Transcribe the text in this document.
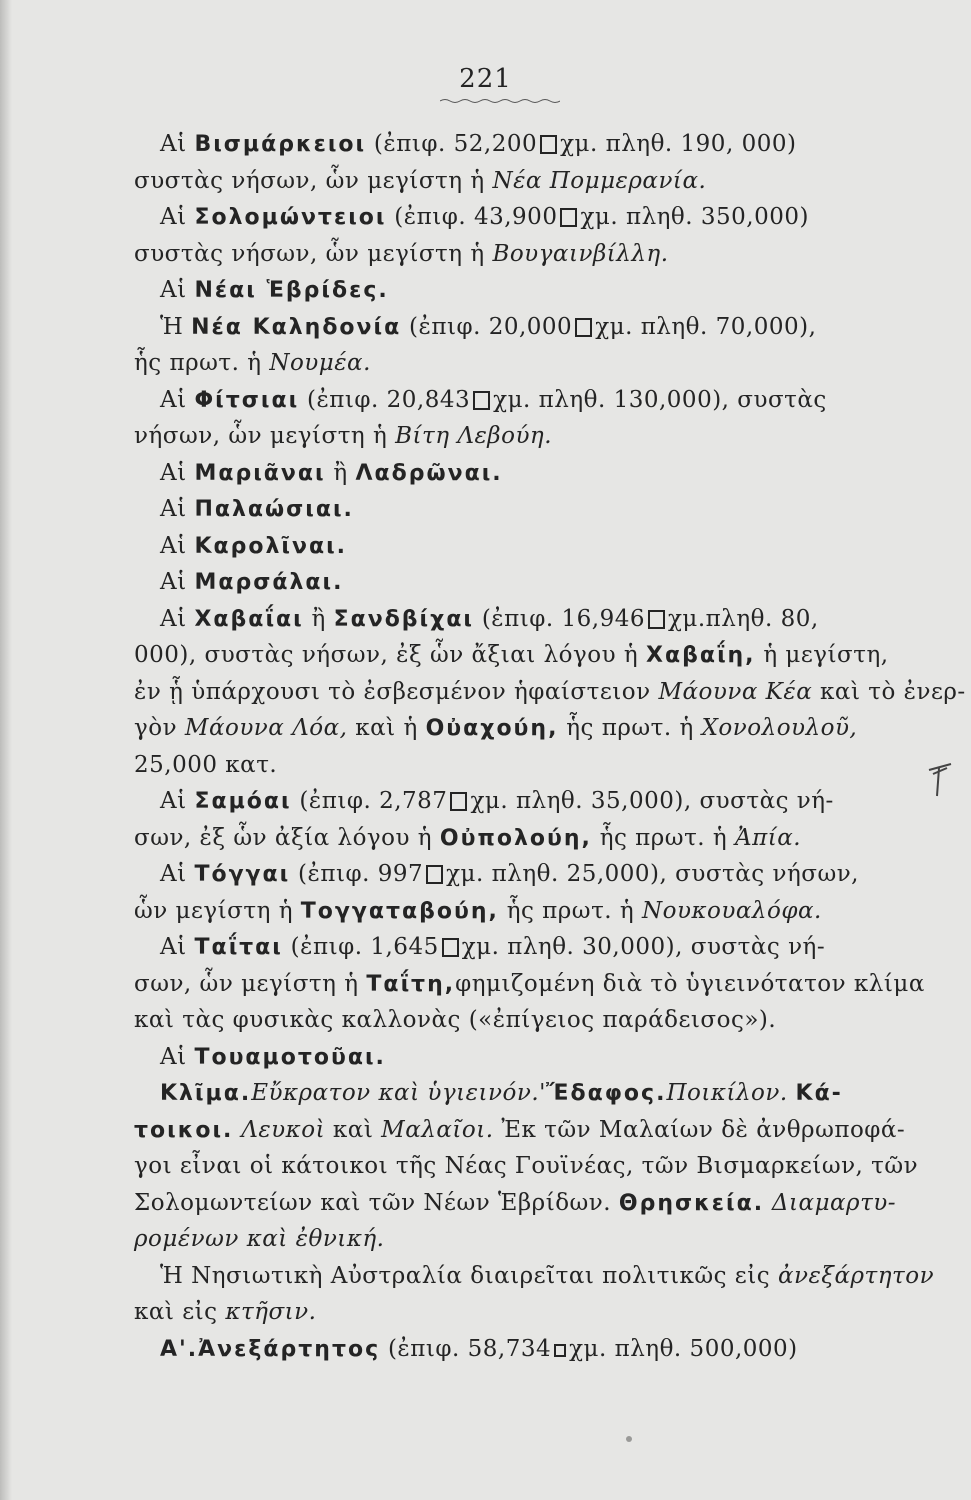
221
Αἱ Βισμάρκειοι (ἐπιφ. 52,200 χμ. πληθ. 190, 000)
συστὰς νήσων, ὧν μεγίστη ἡ Νέα Πομμερανία.
Αἱ Σολομώντειοι (ἐπιφ. 43,900 χμ. πληθ. 350,000)
συστὰς νήσων, ὧν μεγίστη ἡ Βουγαινβίλλη.
Αἱ Νέαι Ἑβρίδες.
Ἡ Νέα Καληδονία (ἐπιφ. 20,000 χμ. πληθ. 70,000),
ἧς πρωτ. ἡ Νουμέα.
Αἱ Φίτσιαι (ἐπιφ. 20,843 χμ. πληθ. 130,000), συστὰς
νήσων, ὧν μεγίστη ἡ Βίτη Λεβούη.
Αἱ Μαριᾶναι ἢ Λαδρῶναι.
Αἱ Παλαώσιαι.
Αἱ Καρολῖναι.
Αἱ Μαρσάλαι.
Αἱ Χαβαΐαι ἢ Σανδβίχαι (ἐπιφ. 16,946 χμ.πληθ. 80,
000), συστὰς νήσων, ἐξ ὧν ἄξιαι λόγου ἡ Χαβαΐη, ἡ μεγίστη,
ἐν ᾗ ὑπάρχουσι τὸ ἐσβεσμένον ἡφαίστειον Μάουνα Κέα καὶ τὸ ἐνερ-
γὸν Μάουνα Λόα, καὶ ἡ Οὐαχούη, ἧς πρωτ. ἡ Χονολουλοῦ,
25,000 κατ.
Αἱ Σαμόαι (ἐπιφ. 2,787 χμ. πληθ. 35,000), συστὰς νή-
σων, ἐξ ὧν ἀξία λόγου ἡ Οὐπολούη, ἧς πρωτ. ἡ Ἀπία.
Αἱ Τόγγαι (ἐπιφ. 997 χμ. πληθ. 25,000), συστὰς νήσων,
ὧν μεγίστη ἡ Τογγαταβούη, ἧς πρωτ. ἡ Νουκουαλόφα.
Αἱ Ταΐται (ἐπιφ. 1,645 χμ. πληθ. 30,000), συστὰς νή-
σων, ὧν μεγίστη ἡ Ταΐτη,φημιζομένη διὰ τὸ ὑγιεινότατον κλίμα
καὶ τὰς φυσικὰς καλλονὰς («ἐπίγειος παράδεισος»).
Αἱ Τουαμοτοῦαι.
Κλῖμα.Εὔκρατον καὶ ὑγιεινόν.'Ἔδαφος.Ποικίλον. Κά-
τοικοι. Λευκοὶ καὶ Μαλαῖοι. Ἐκ τῶν Μαλαίων δὲ ἀνθρωποφά-
γοι εἶναι οἱ κάτοικοι τῆς Νέας Γουϊνέας, τῶν Βισμαρκείων, τῶν
Σολομωντείων καὶ τῶν Νέων Ἑβρίδων. Θρησκεία. Διαμαρτυ-
ρομένων καὶ ἐθνική.
Ἡ Νησιωτικὴ Αὐστραλία διαιρεῖται πολιτικῶς εἰς ἀνεξάρτητον
καὶ εἰς κτῆσιν.
Α'.Ἀνεξάρτητος (ἐπιφ. 58,734 χμ. πληθ. 500,000)
